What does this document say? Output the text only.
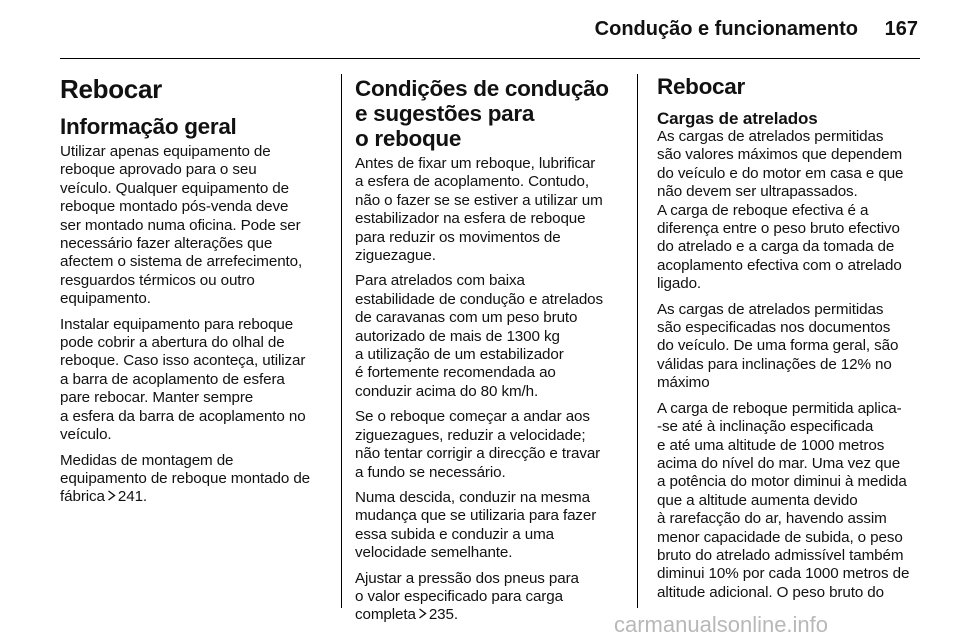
Condução e funcionamento	167
Rebocar
Informação geral

Utilizar apenas equipamento de
reboque aprovado para o seu
veículo. Qualquer equipamento de
reboque montado pós-venda deve
ser montado numa oficina. Pode ser
necessário fazer alterações que
afectem o sistema de arrefecimento,
resguardos térmicos ou outro
equipamento.

Instalar equipamento para reboque
pode cobrir a abertura do olhal de
reboque. Caso isso aconteça, utilizar
a barra de acoplamento de esfera
pare rebocar. Manter sempre
a esfera da barra de acoplamento no
veículo.

Medidas de montagem de
equipamento de reboque montado de
fábrica 241.

Condições de condução
e sugestões para
o reboque

Antes de fixar um reboque, lubrificar
a esfera de acoplamento. Contudo,
não o fazer se se estiver a utilizar um
estabilizador na esfera de reboque
para reduzir os movimentos de
ziguezague.

Para atrelados com baixa
estabilidade de condução e atrelados
de caravanas com um peso bruto
autorizado de mais de 1300 kg
a utilização de um estabilizador
é fortemente recomendada ao
conduzir acima do 80 km/h.

Se o reboque começar a andar aos
ziguezagues, reduzir a velocidade;
não tentar corrigir a direcção e travar
a fundo se necessário.

Numa descida, conduzir na mesma
mudança que se utilizaria para fazer
essa subida e conduzir a uma
velocidade semelhante.

Ajustar a pressão dos pneus para
o valor especificado para carga
completa 235.

Rebocar
Cargas de atrelados

As cargas de atrelados permitidas
são valores máximos que dependem
do veículo e do motor em casa e que
não devem ser ultrapassados.
A carga de reboque efectiva é a
diferença entre o peso bruto efectivo
do atrelado e a carga da tomada de
acoplamento efectiva com o atrelado
ligado.

As cargas de atrelados permitidas
são especificadas nos documentos
do veículo. De uma forma geral, são
válidas para inclinações de 12% no
máximo

A carga de reboque permitida aplica-
-se até à inclinação especificada
e até uma altitude de 1000 metros
acima do nível do mar. Uma vez que
a potência do motor diminui à medida
que a altitude aumenta devido
à rarefacção do ar, havendo assim
menor capacidade de subida, o peso
bruto do atrelado admissível também
diminui 10% por cada 1000 metros de
altitude adicional. O peso bruto do

carmanualsonline.info
